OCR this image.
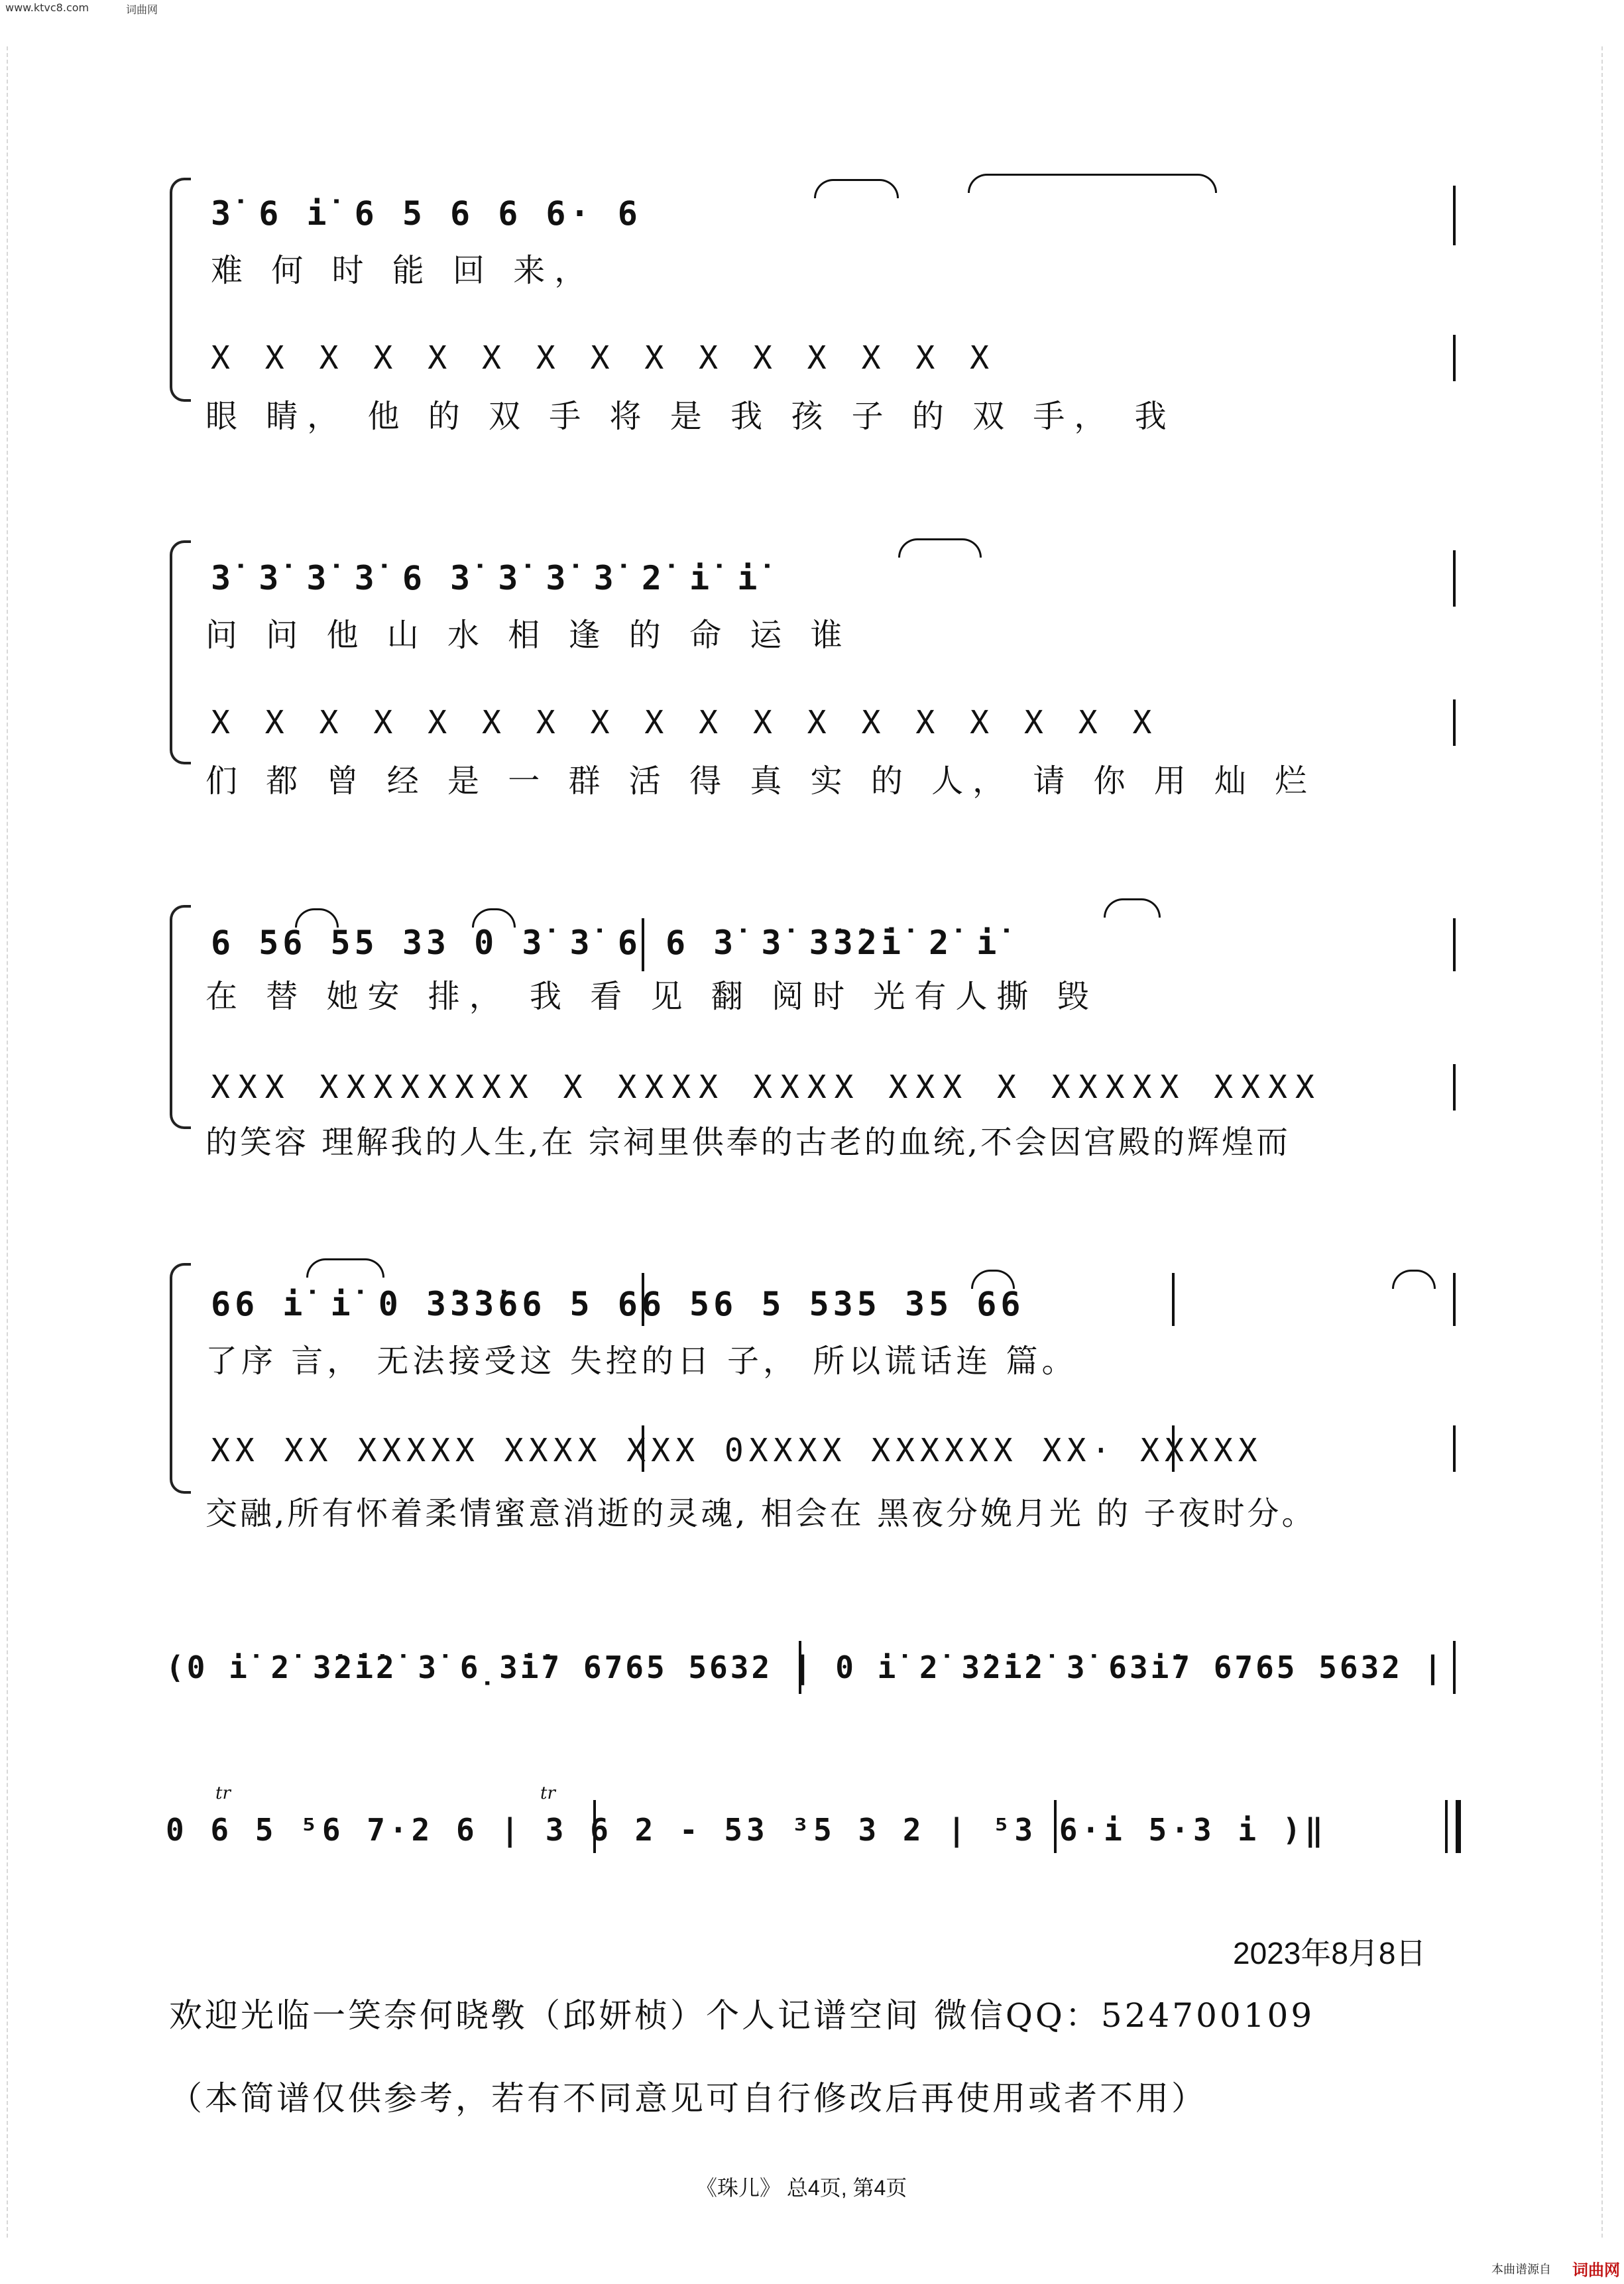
www.ktvc8.com	词曲网
3̇ 6 i̇ 6 5 6 6 6· 6
难 何 时 能 回 来，
X X X X X X X X X X X X X X X
眼 睛， 他 的 双 手 将 是 我 孩 子 的 双 手， 我
3̇ 3̇ 3̇ 3̇ 6 3̇ 3̇ 3̇ 3̇ 2̇ i̇ i̇
问 问 他 山 水 相 逢 的 命 运 谁
X X X X X X X X X X X X X X X X X X
们 都 曾 经 是 一 群 活 得 真 实 的 人， 请 你 用 灿 烂
6 56 55 33 0 3̇ 3̇ 6 6 3̇ 3̇ 3̇3̇2̇i̇ 2̇ i̇
在 替 她安 排， 我 看 见 翻 阅时 光有人撕 毁
XXX XXXXXXXX X XXXX XXXX XXX X XXXXX XXXX
的笑容 理解我的人生,在 宗祠里供奉的古老的血统,不会因宫殿的辉煌而
66 i̇ i̇ 0 3̇3̇3̇66 5 66 56 5 535 35 66
了序 言， 无法接受这 失控的日 子， 所以谎话连 篇。
XX XX XXXXX XXXX XXX 0XXXX XXXXXX XX· XXXXX
交融,所有怀着柔情蜜意消逝的灵魂, 相会在 黑夜分娩月光 的 子夜时分。
(0 i̇ 2̇ 3̇2̇i̇2̇ 3̇ 6̣3̇i̇7 6765 5632 | 0 i̇ 2̇ 3̇2̇i̇2̇ 3̇ 63i̇7 6765 5632 |
tr	tr
0 6 5 ⁵6 7·2 6 | 3 6 2 - 53 ³5 3 2 | ⁵3 6·i 5·3 i )‖
2023年8月8日
欢迎光临一笑奈何晓斆（邱妍桢）个人记谱空间 微信QQ：524700109
（本简谱仅供参考，若有不同意见可自行修改后再使用或者不用）
《珠儿》 总4页, 第4页
本曲谱源自 词曲网
